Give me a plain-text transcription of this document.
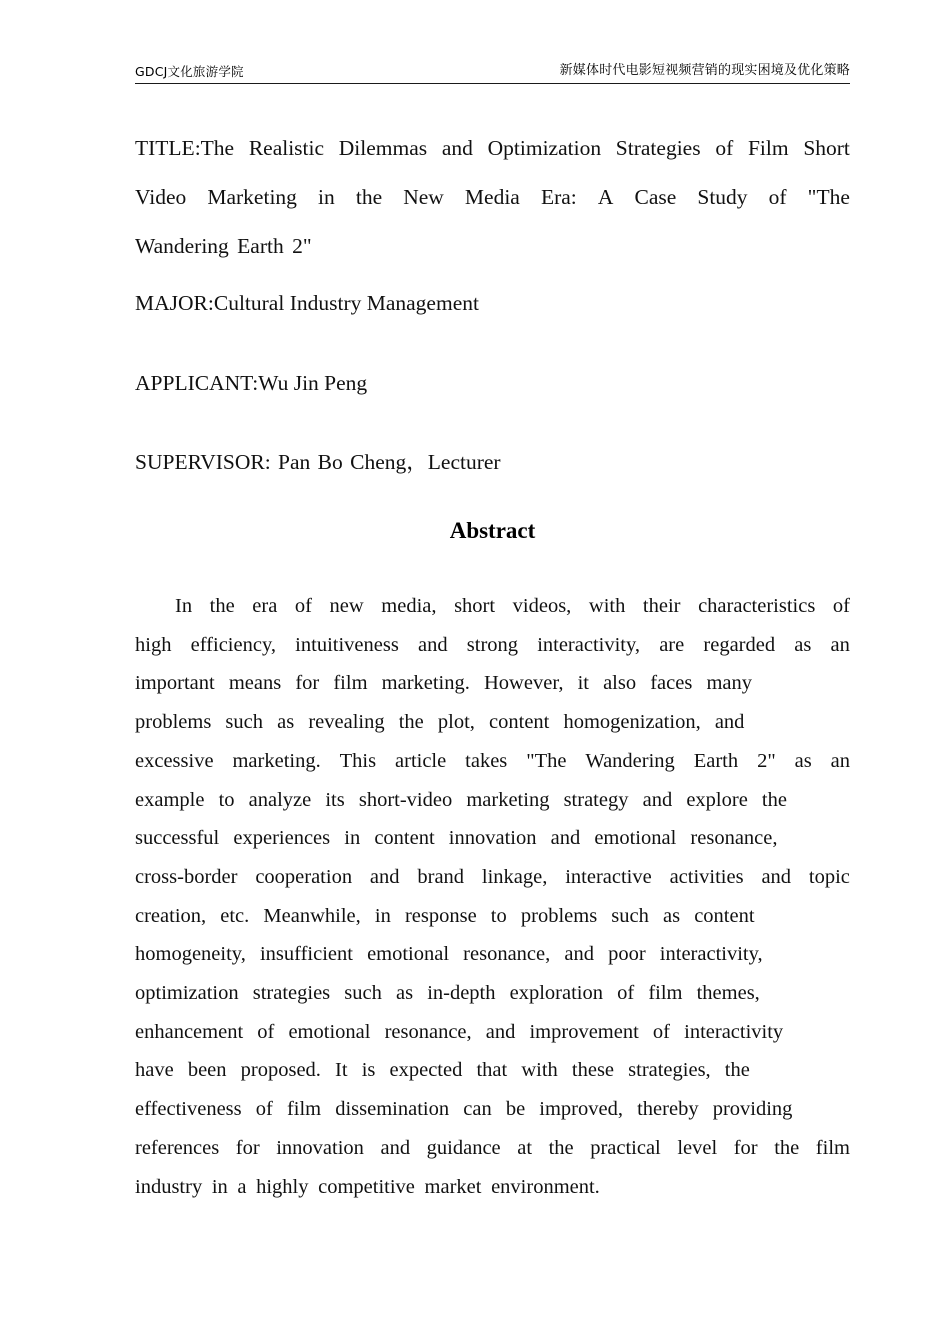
GDCJ文化旅游学院	新媒体时代电影短视频营销的现实困境及优化策略
TITLE:The Realistic Dilemmas and Optimization Strategies of Film Short
Video Marketing in the New Media Era: A Case Study of "The
Wandering Earth 2"
MAJOR:Cultural Industry Management
APPLICANT:Wu Jin Peng
SUPERVISOR: Pan Bo Cheng，Lecturer
Abstract
In the era of new media, short videos, with their characteristics of
high efficiency, intuitiveness and strong interactivity, are regarded as an
important means for film marketing. However, it also faces many
problems such as revealing the plot, content homogenization, and
excessive marketing. This article takes "The Wandering Earth 2" as an
example to analyze its short-video marketing strategy and explore the
successful experiences in content innovation and emotional resonance,
cross-border cooperation and brand linkage, interactive activities and topic
creation, etc. Meanwhile, in response to problems such as content
homogeneity, insufficient emotional resonance, and poor interactivity,
optimization strategies such as in-depth exploration of film themes,
enhancement of emotional resonance, and improvement of interactivity
have been proposed. It is expected that with these strategies, the
effectiveness of film dissemination can be improved, thereby providing
references for innovation and guidance at the practical level for the film
industry in a highly competitive market environment.
